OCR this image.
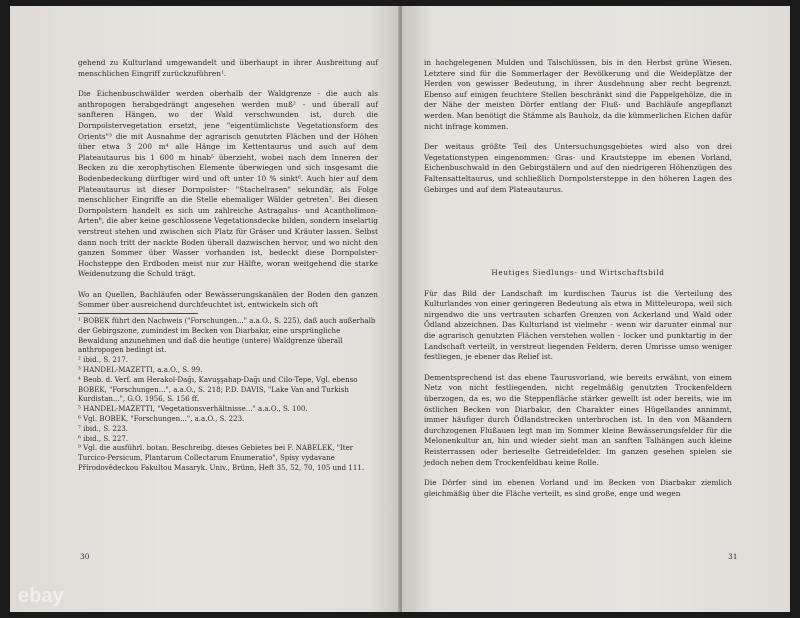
gehend zu Kulturland umgewandelt und überhaupt in ihrer Ausbreitung auf menschlichen Eingriff zurückzuführen¹.

Die Eichenbuschwälder werden oberhalb der Waldgrenze - die auch als anthropogen herabgedrängt angesehen werden muß² - und überall auf sanfteren Hängen, wo der Wald verschwunden ist, durch die Dornpolstervegetation ersetzt, jene "eigentümlichste Vegetationsform des Orients"³ die mit Ausnahme der agrarisch genutzten Flächen und der Höhen über etwa 3 200 m⁴ alle Hänge im Kettentaurus und auch auf dem Plateautaurus bis 1 600 m hinab⁵ überzieht, wobei nach dem Inneren der Becken zu die xerophytischen Elemente überwiegen und sich insgesamt die Bodenbedeckung dürftiger wird und oft unter 10 % sinkt⁶. Auch hier auf dem Plateautaurus ist dieser Dornpolster- "Stachelrasen" sekundär, als Folge menschlicher Eingriffe an die Stelle ehemaliger Wälder getreten⁷. Bei diesen Dornpolstern handelt es sich um zahlreiche Astragalus- und Acantholimon-Arten⁸, die aber keine geschlossene Vegetationsdecke bilden, sondern inselartig verstreut stehen und zwischen sich Platz für Gräser und Kräuter lassen. Selbst dann noch tritt der nackte Boden überall dazwischen hervor, und wo nicht den ganzen Sommer über Wasser vorhanden ist, bedeckt diese Dornpolster-Hochsteppe den Erdboden meist nur zur Hälfte, woran weitgehend die starke Weidenutzung die Schuld trägt.

Wo an Quellen, Bachläufen oder Bewässerungskanälen der Boden den ganzen Sommer über ausreichend durchfeuchtet ist, entwickeln sich oft

¹ BOBEK führt den Nachweis ("Forschungen..." a.a.O., S. 225), daß auch außerhalb der Gebirgszone, zumindest im Becken von Diarbakır, eine ursprüngliche Bewaldung anzunehmen und daß die heutige (untere) Waldgrenze überall anthropogen bedingt ist.

² ibid., S. 217.

³ HANDEL-MAZETTI, a.a.O., S. 99.

⁴ Beob. d. Verf. am Herakol-Dağı, Kavuşşahap-Dağı und Cilo-Tepe, Vgl. ebenso BOBEK, "Forschungen...", a.a.O., S. 218; P.D. DAVIS, "Lake Van and Turkish Kurdistan...", G.O. 1956, S. 156 ff.

⁵ HANDEL-MAZETTI, "Vegetationsverhältnisse..." a.a.O., S. 100.

⁶ Vgl. BOBEK, "Forschungen...", a.a.O., S. 223.

⁷ ibid., S. 223.

⁸ ibid., S. 227.

⁹ Vgl. die ausführl. botan. Beschreibg. dieses Gebietes bei F. NABELEK, "Iter Turcico-Persicum, Plantarum Collectarum Enumeratio", Spisy vydavane Přírodovědeckou Fakultou Masaryk. Univ., Brünn, Heft 35, 52, 70, 105 und 111.

30
ebay

in hochgelegenen Mulden und Talschlüssen, bis in den Herbst grüne Wiesen. Letztere sind für die Sommerlager der Bevölkerung und die Weideplätze der Herden von gewisser Bedeutung, in ihrer Ausdehnung aber recht begrenzt. Ebenso auf einigen feuchtere Stellen beschränkt sind die Pappelgehölze, die in der Nähe der meisten Dörfer entlang der Fluß- und Bachläufe angepflanzt werden. Man benötigt die Stämme als Bauholz, da die kümmerlichen Eichen dafür nicht infrage kommen.

Der weitaus größte Teil des Untersuchungsgebietes wird also von drei Vegetationstypen eingenommen: Gras- und Krautsteppe im ebenen Vorland, Eichenbuschwald in den Gebirgstälern und auf den niedrigeren Höhenzügen des Faltensatteltaurus, und schließlich Dornpolstersteppe in den höheren Lagen des Gebirges und auf dem Plateautaurus.

Heutiges Siedlungs- und Wirtschaftsbild

Für das Bild der Landschaft im kurdischen Taurus ist die Verteilung des Kulturlandes von einer geringeren Bedeutung als etwa in Mitteleuropa, weil sich nirgendwo die uns vertrauten scharfen Grenzen von Ackerland und Wald oder Ödland abzeichnen. Das Kulturland ist vielmehr - wenn wir darunter einmal nur die agrarisch genutzten Flächen verstehen wollen - locker und punktartig in der Landschaft verteilt, in verstreut liegenden Feldern, deren Umrisse umso weniger festliegen, je ebener das Relief ist.

Dementsprechend ist das ebene Taurusvorland, wie bereits erwähnt, von einem Netz von nicht festliegenden, nicht regelmäßig genutzten Trockenfeldern überzogen, da es, wo die Steppenfläche stärker gewellt ist oder bereits, wie im östlichen Becken von Diarbakır, den Charakter eines Hügellandes annimmt, immer häufiger durch Ödlandstrecken unterbrochen ist. In den von Mäandern durchzogenen Flußauen legt man im Sommer kleine Bewässerungsfelder für die Melonenkultur an, hin und wieder sieht man an sanften Talhängen auch kleine Reisterrassen oder berieselte Getreidefelder. Im ganzen gesehen spielen sie jedoch neben dem Trockenfeldbau keine Rolle.

Die Dörfer sind im ebenen Vorland und im Becken von Diarbakır ziemlich gleichmäßig über die Fläche verteilt, es sind große, enge und wegen

31
